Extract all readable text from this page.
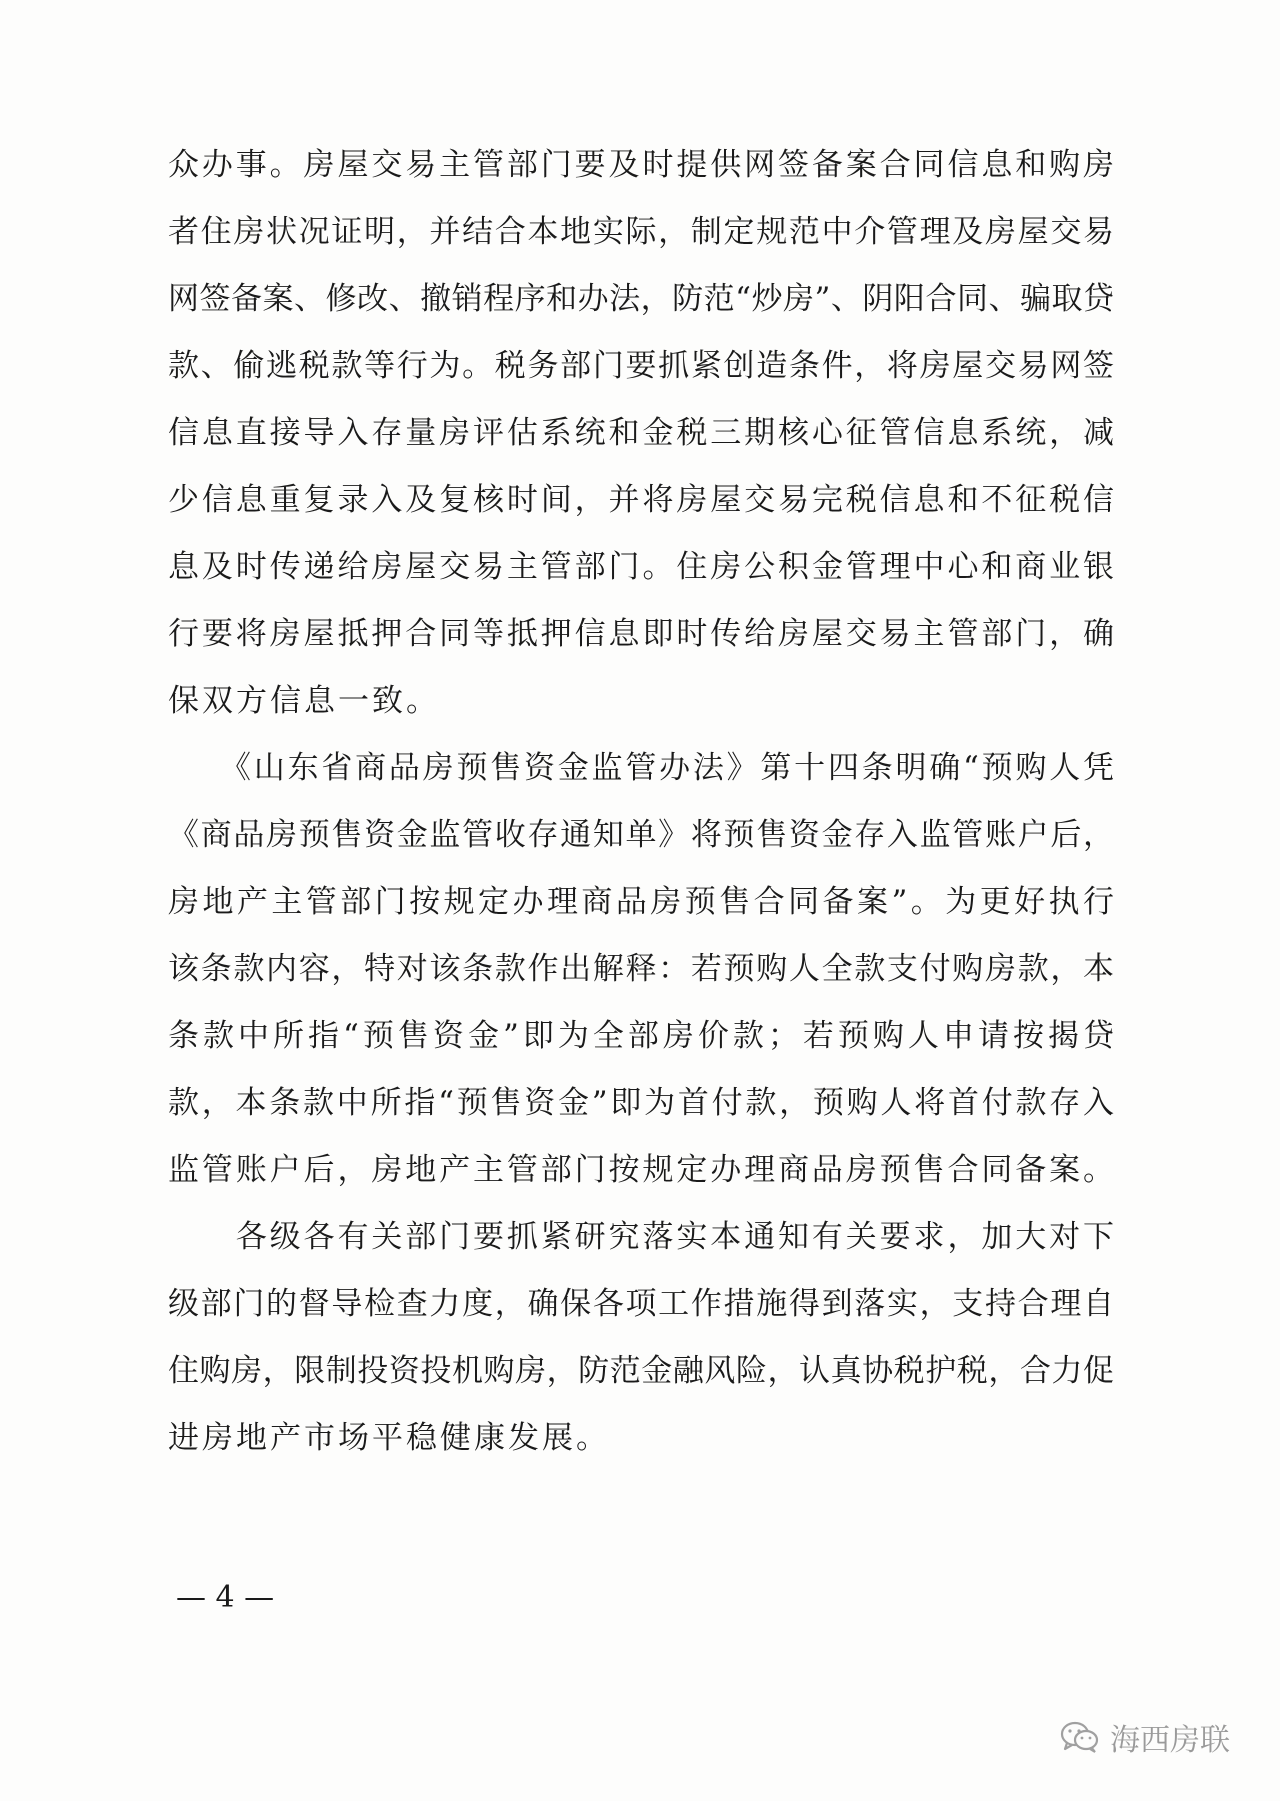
众办事。房屋交易主管部门要及时提供网签备案合同信息和购房
者住房状况证明，并结合本地实际，制定规范中介管理及房屋交易
网签备案、修改、撤销程序和办法，防范“炒房”、阴阳合同、骗取贷
款、偷逃税款等行为。税务部门要抓紧创造条件，将房屋交易网签
信息直接导入存量房评估系统和金税三期核心征管信息系统，减
少信息重复录入及复核时间，并将房屋交易完税信息和不征税信
息及时传递给房屋交易主管部门。住房公积金管理中心和商业银
行要将房屋抵押合同等抵押信息即时传给房屋交易主管部门，确
保双方信息一致。
　　《山东省商品房预售资金监管办法》第十四条明确“预购人凭
《商品房预售资金监管收存通知单》将预售资金存入监管账户后，
房地产主管部门按规定办理商品房预售合同备案”。为更好执行
该条款内容，特对该条款作出解释：若预购人全款支付购房款，本
条款中所指“预售资金”即为全部房价款；若预购人申请按揭贷
款，本条款中所指“预售资金”即为首付款，预购人将首付款存入
监管账户后，房地产主管部门按规定办理商品房预售合同备案。
　　各级各有关部门要抓紧研究落实本通知有关要求，加大对下
级部门的督导检查力度，确保各项工作措施得到落实，支持合理自
住购房，限制投资投机购房，防范金融风险，认真协税护税，合力促
进房地产市场平稳健康发展。
— 4 —
海西房联
